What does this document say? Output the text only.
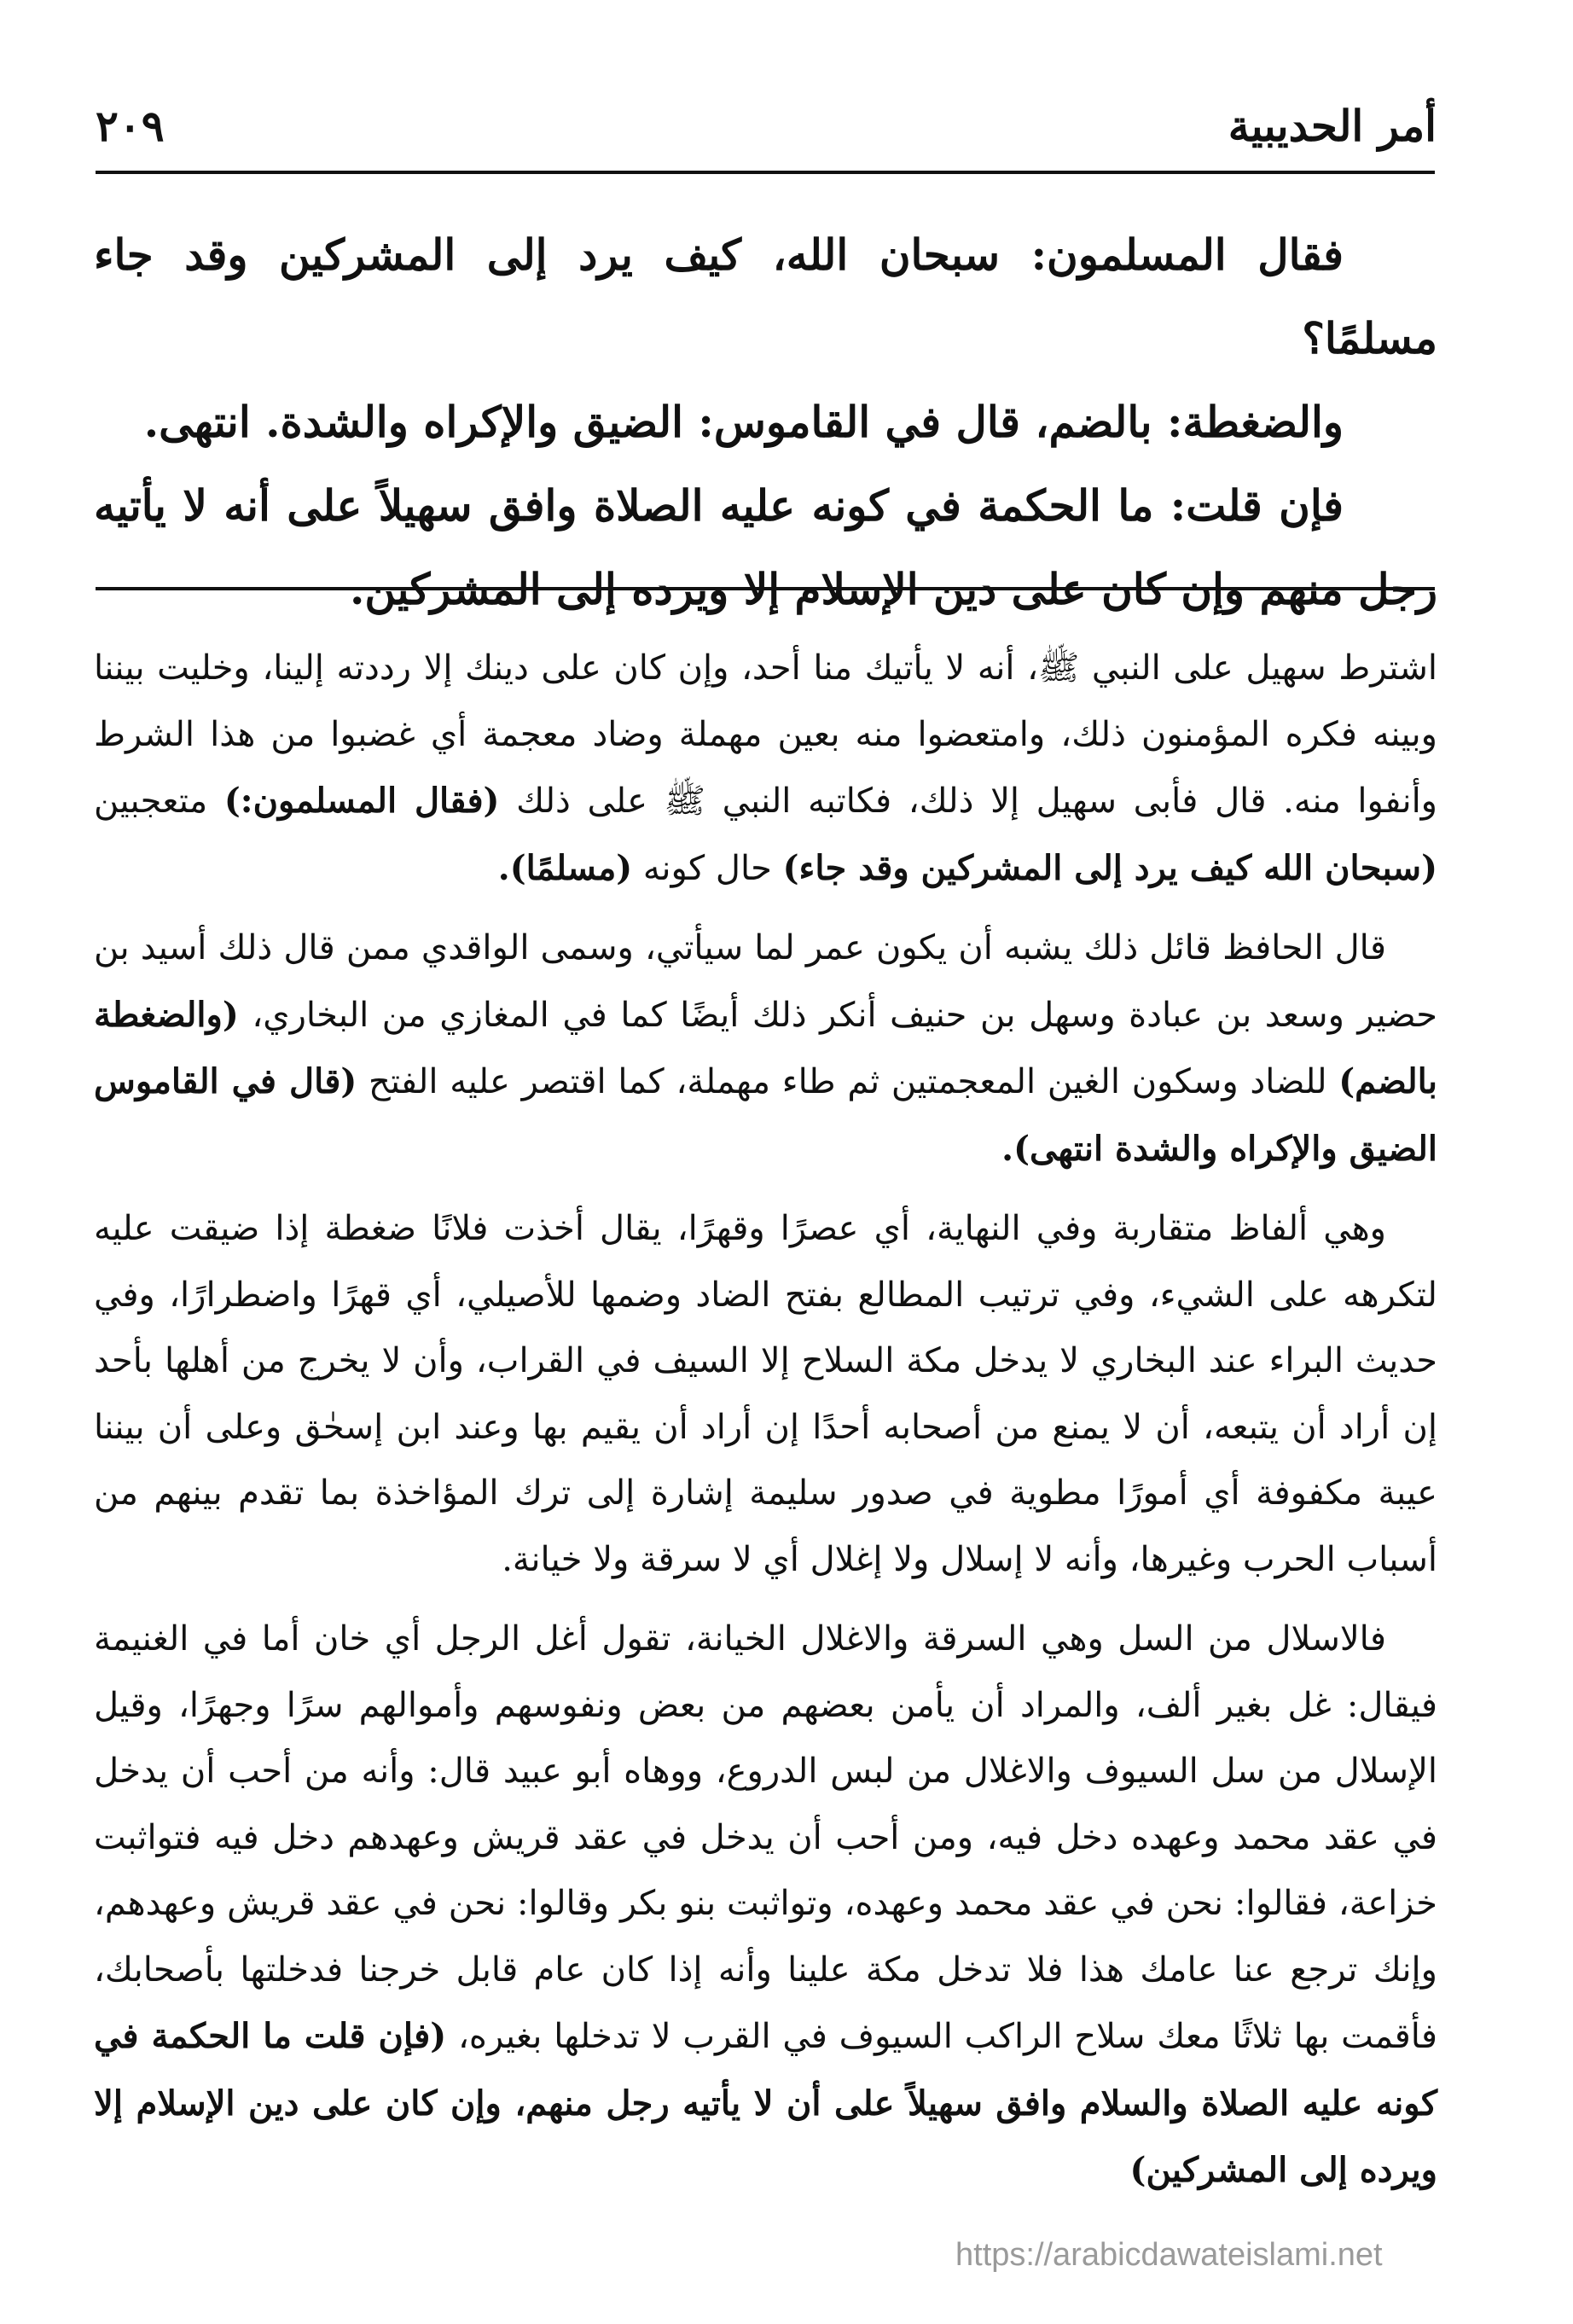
أمر الحديبية
٢٠٩

فقال المسلمون: سبحان الله، كيف يرد إلى المشركين وقد جاء مسلمًا؟

والضغطة: بالضم، قال في القاموس: الضيق والإكراه والشدة. انتهى.

فإن قلت: ما الحكمة في كونه عليه الصلاة وافق سهيلاً على أنه لا يأتيه رجل منهم وإن كان على دين الإسلام إلا ويرده إلى المشركين.

اشترط سهيل على النبي ﷺ، أنه لا يأتيك منا أحد، وإن كان على دينك إلا رددته إلينا، وخليت بيننا وبينه فكره المؤمنون ذلك، وامتعضوا منه بعين مهملة وضاد معجمة أي غضبوا من هذا الشرط وأنفوا منه. قال فأبى سهيل إلا ذلك، فكاتبه النبي ﷺ على ذلك (فقال المسلمون:) متعجبين (سبحان الله كيف يرد إلى المشركين وقد جاء) حال كونه (مسلمًا).

قال الحافظ قائل ذلك يشبه أن يكون عمر لما سيأتي، وسمى الواقدي ممن قال ذلك أسيد بن حضير وسعد بن عبادة وسهل بن حنيف أنكر ذلك أيضًا كما في المغازي من البخاري، (والضغطة بالضم) للضاد وسكون الغين المعجمتين ثم طاء مهملة، كما اقتصر عليه الفتح (قال في القاموس الضيق والإكراه والشدة انتهى).

وهي ألفاظ متقاربة وفي النهاية، أي عصرًا وقهرًا، يقال أخذت فلانًا ضغطة إذا ضيقت عليه لتكرهه على الشيء، وفي ترتيب المطالع بفتح الضاد وضمها للأصيلي، أي قهرًا واضطرارًا، وفي حديث البراء عند البخاري لا يدخل مكة السلاح إلا السيف في القراب، وأن لا يخرج من أهلها بأحد إن أراد أن يتبعه، أن لا يمنع من أصحابه أحدًا إن أراد أن يقيم بها وعند ابن إسحٰق وعلى أن بيننا عيبة مكفوفة أي أمورًا مطوية في صدور سليمة إشارة إلى ترك المؤاخذة بما تقدم بينهم من أسباب الحرب وغيرها، وأنه لا إسلال ولا إغلال أي لا سرقة ولا خيانة.

فالاسلال من السل وهي السرقة والاغلال الخيانة، تقول أغل الرجل أي خان أما في الغنيمة فيقال: غل بغير ألف، والمراد أن يأمن بعضهم من بعض ونفوسهم وأموالهم سرًا وجهرًا، وقيل الإسلال من سل السيوف والاغلال من لبس الدروع، ووهاه أبو عبيد قال: وأنه من أحب أن يدخل في عقد محمد وعهده دخل فيه، ومن أحب أن يدخل في عقد قريش وعهدهم دخل فيه فتواثبت خزاعة، فقالوا: نحن في عقد محمد وعهده، وتواثبت بنو بكر وقالوا: نحن في عقد قريش وعهدهم، وإنك ترجع عنا عامك هذا فلا تدخل مكة علينا وأنه إذا كان عام قابل خرجنا فدخلتها بأصحابك، فأقمت بها ثلاثًا معك سلاح الراكب السيوف في القرب لا تدخلها بغيره، (فإن قلت ما الحكمة في كونه عليه الصلاة والسلام وافق سهيلاً على أن لا يأتيه رجل منهم، وإن كان على دين الإسلام إلا ويرده إلى المشركين)

https://arabicdawateislami.net
